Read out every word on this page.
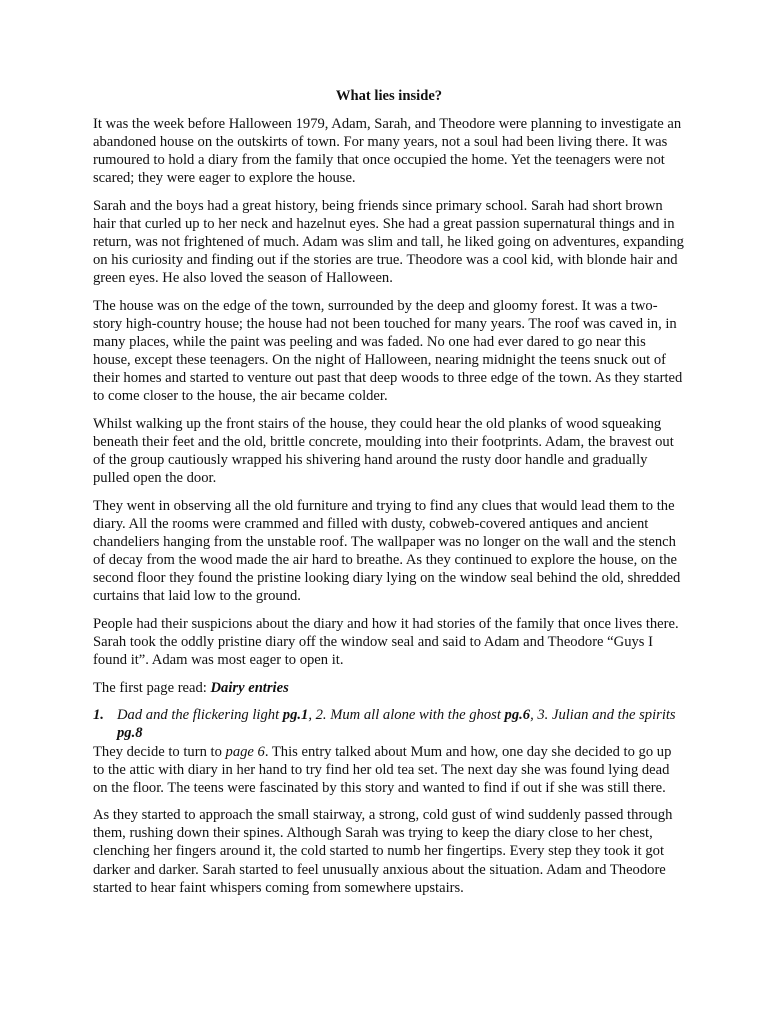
What lies inside?

It was the week before Halloween 1979, Adam, Sarah, and Theodore were planning to investigate an abandoned house on the outskirts of town. For many years, not a soul had been living there. It was rumoured to hold a diary from the family that once occupied the home. Yet the teenagers were not scared; they were eager to explore the house.

Sarah and the boys had a great history, being friends since primary school. Sarah had short brown hair that curled up to her neck and hazelnut eyes. She had a great passion supernatural things and in return, was not frightened of much. Adam was slim and tall, he liked going on adventures, expanding on his curiosity and finding out if the stories are true. Theodore was a cool kid, with blonde hair and green eyes. He also loved the season of Halloween.

The house was on the edge of the town, surrounded by the deep and gloomy forest. It was a two-story high-country house; the house had not been touched for many years. The roof was caved in, in many places, while the paint was peeling and was faded. No one had ever dared to go near this house, except these teenagers. On the night of Halloween, nearing midnight the teens snuck out of their homes and started to venture out past that deep woods to three edge of the town. As they started to come closer to the house, the air became colder.

Whilst walking up the front stairs of the house, they could hear the old planks of wood squeaking beneath their feet and the old, brittle concrete, moulding into their footprints. Adam, the bravest out of the group cautiously wrapped his shivering hand around the rusty door handle and gradually pulled open the door.

They went in observing all the old furniture and trying to find any clues that would lead them to the diary. All the rooms were crammed and filled with dusty, cobweb-covered antiques and ancient chandeliers hanging from the unstable roof. The wallpaper was no longer on the wall and the stench of decay from the wood made the air hard to breathe. As they continued to explore the house, on the second floor they found the pristine looking diary lying on the window seal behind the old, shredded curtains that laid low to the ground.

People had their suspicions about the diary and how it had stories of the family that once lives there. Sarah took the oddly pristine diary off the window seal and said to Adam and Theodore “Guys I found it”. Adam was most eager to open it.

The first page read: Dairy entries

1. Dad and the flickering light pg.1, 2. Mum all alone with the ghost pg.6, 3. Julian and the spirits pg.8

They decide to turn to page 6. This entry talked about Mum and how, one day she decided to go up to the attic with diary in her hand to try find her old tea set. The next day she was found lying dead on the floor. The teens were fascinated by this story and wanted to find if out if she was still there.

As they started to approach the small stairway, a strong, cold gust of wind suddenly passed through them, rushing down their spines. Although Sarah was trying to keep the diary close to her chest, clenching her fingers around it, the cold started to numb her fingertips. Every step they took it got darker and darker. Sarah started to feel unusually anxious about the situation. Adam and Theodore started to hear faint whispers coming from somewhere upstairs.
